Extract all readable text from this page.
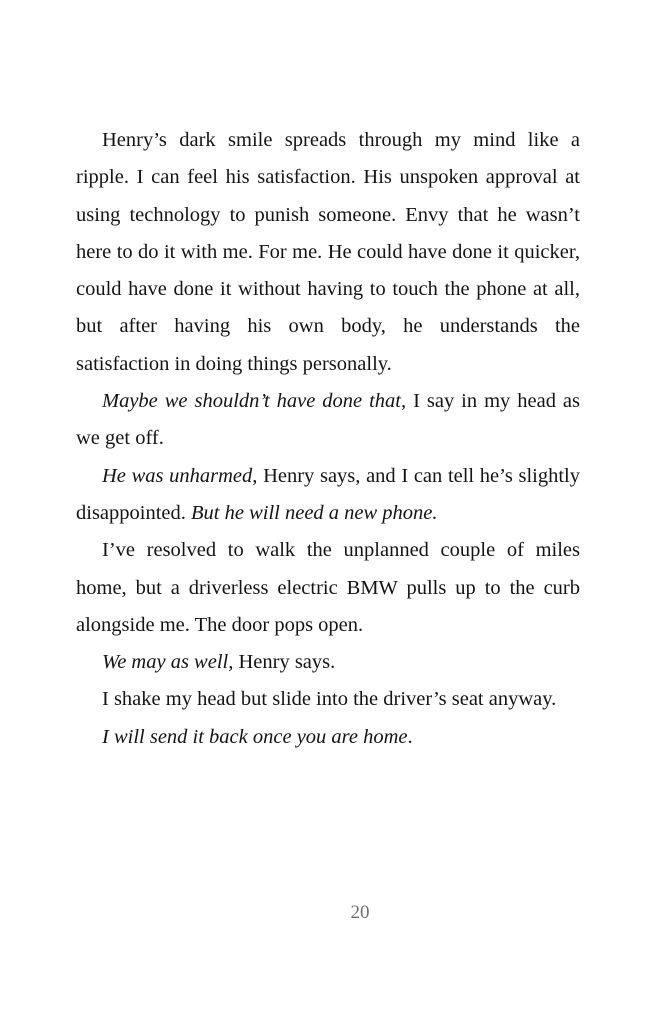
Henry’s dark smile spreads through my mind like a ripple. I can feel his satisfaction. His unspoken approval at using technology to punish someone. Envy that he wasn’t here to do it with me. For me. He could have done it quicker, could have done it without having to touch the phone at all, but after having his own body, he understands the satisfaction in doing things personally.

Maybe we shouldn’t have done that, I say in my head as we get off.

He was unharmed, Henry says, and I can tell he’s slightly disappointed. But he will need a new phone.

I’ve resolved to walk the unplanned couple of miles home, but a driverless electric BMW pulls up to the curb alongside me. The door pops open.

We may as well, Henry says.

I shake my head but slide into the driver’s seat anyway.

I will send it back once you are home.

20
